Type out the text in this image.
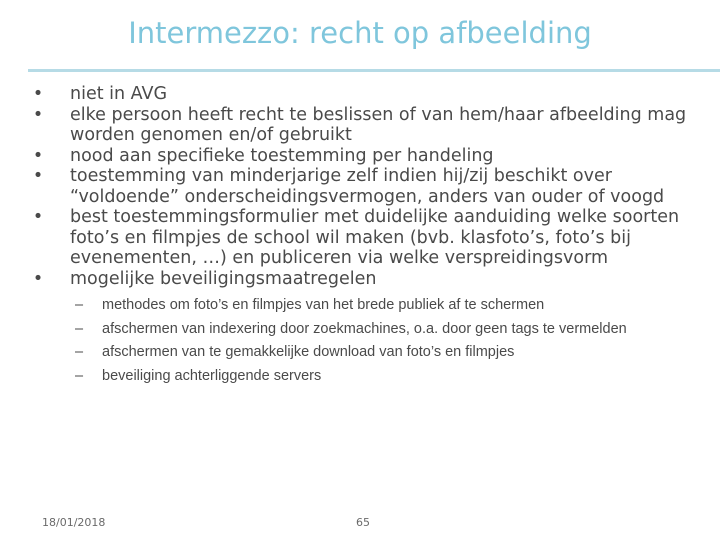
Intermezzo: recht op afbeelding
• niet in AVG
• elke persoon heeft recht te beslissen of van hem/haar afbeelding mag worden genomen en/of gebruikt
• nood aan specifieke toestemming per handeling
• toestemming van minderjarige zelf indien hij/zij beschikt over “voldoende” onderscheidingsvermogen, anders van ouder of voogd
• best toestemmingsformulier met duidelijke aanduiding welke soorten foto’s en filmpjes de school wil maken (bvb. klasfoto’s, foto’s bij evenementen, …) en publiceren via welke verspreidingsvorm
• mogelijke beveiligingsmaatregelen
– methodes om foto’s en filmpjes van het brede publiek af te schermen
– afschermen van indexering door zoekmachines, o.a. door geen tags te vermelden
– afschermen van te gemakkelijke download van foto’s en filmpjes
– beveiliging achterliggende servers
18/01/2018	65
